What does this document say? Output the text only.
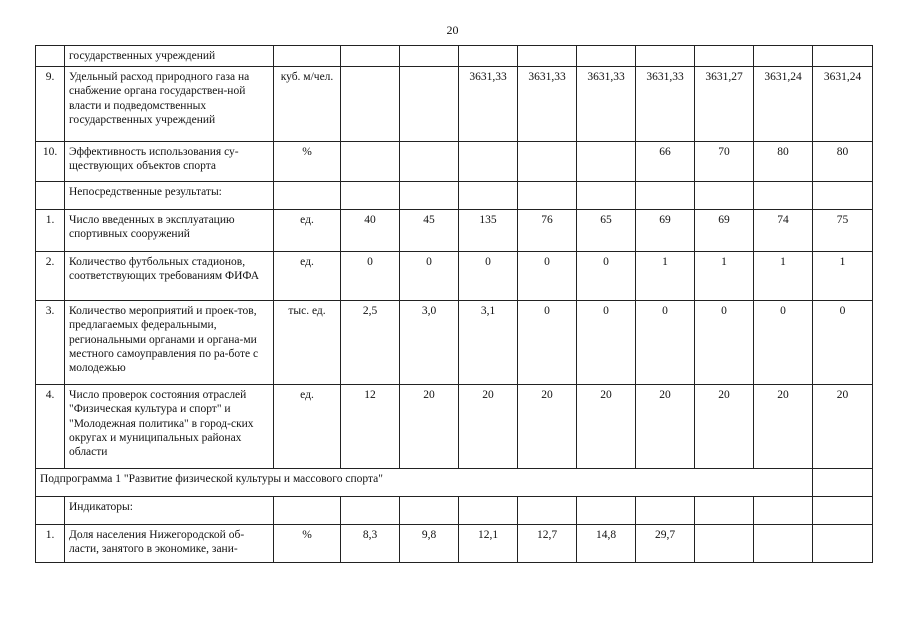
20
	государственных учреждений										
9.	Удельный расход природного газа на снабжение органа государствен-ной власти и подведомственных государственных учреждений	куб. м/чел.			3631,33	3631,33	3631,33	3631,33	3631,27	3631,24	3631,24
10.	Эффективность использования су-ществующих объектов спорта	%						66	70	80	80
	Непосредственные результаты:										
1.	Число введенных в эксплуатацию спортивных сооружений	ед.	40	45	135	76	65	69	69	74	75
2.	Количество футбольных стадионов, соответствующих требованиям ФИФА	ед.	0	0	0	0	0	1	1	1	1
3.	Количество мероприятий и проек-тов, предлагаемых федеральными, региональными органами и органа-ми местного самоуправления по ра-боте с молодежью	тыс. ед.	2,5	3,0	3,1	0	0	0	0	0	0
4.	Число проверок состояния отраслей "Физическая культура и спорт" и "Молодежная политика" в город-ских округах и муниципальных районах области	ед.	12	20	20	20	20	20	20	20	20
Подпрограмма 1 "Развитие физической культуры и массового спорта"											
	Индикаторы:										
1.	Доля населения Нижегородской об-ласти, занятого в экономике, зани-	%	8,3	9,8	12,1	12,7	14,8	29,7			
